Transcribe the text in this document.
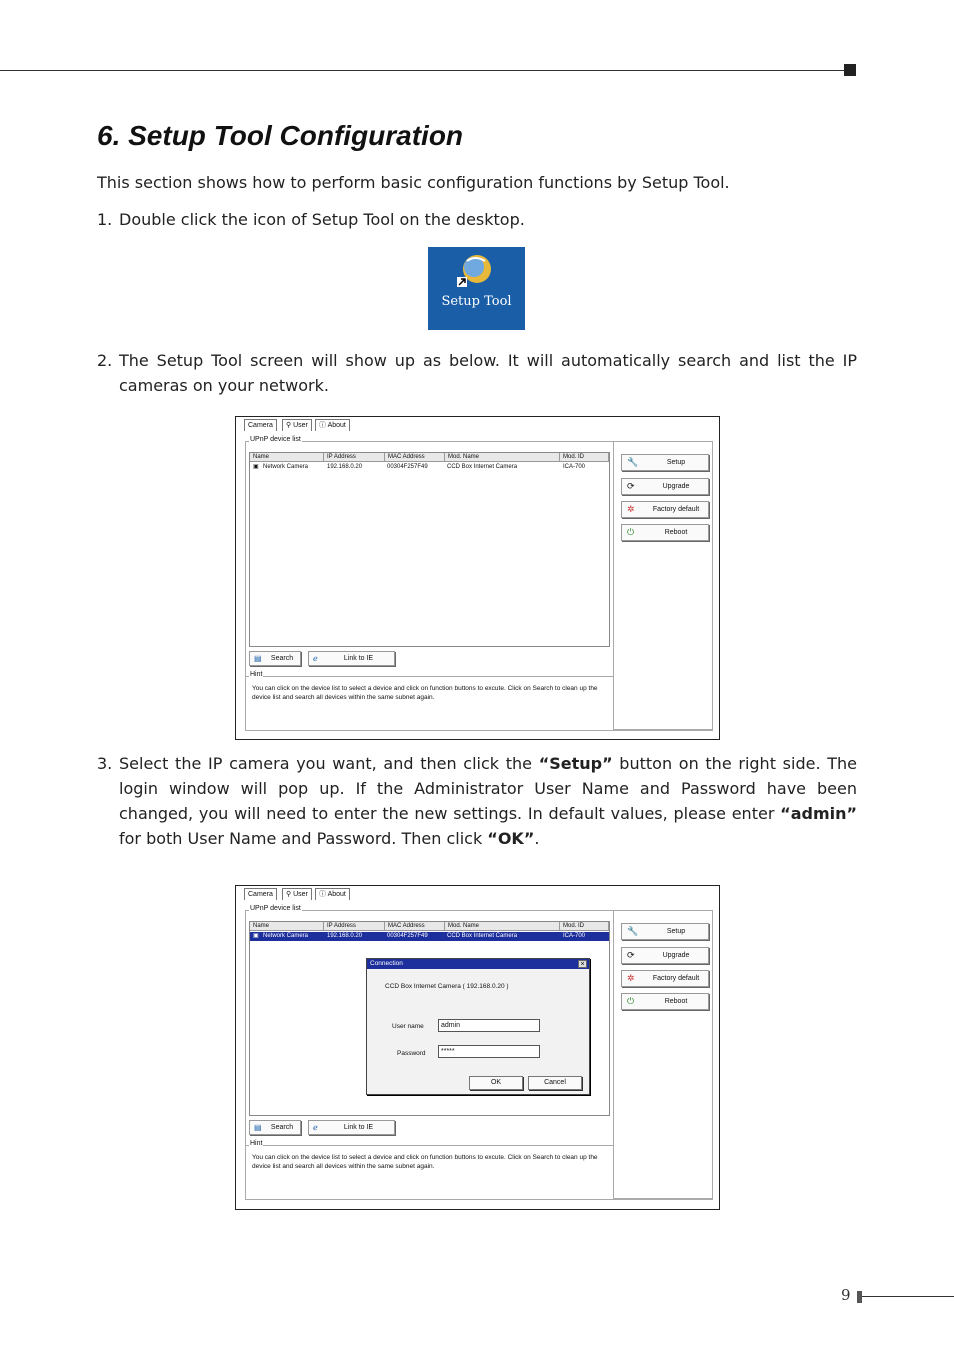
6. Setup Tool Configuration

This section shows how to perform basic configuration functions by Setup Tool.

1. Double click the icon of Setup Tool on the desktop.
Setup Tool
2. The Setup Tool screen will show up as below. It will automatically search and list the IP cameras on your network.
Camera	⚲ User	ⓘ About
UPnP device list
Name	IP Address	MAC Address	Mod. Name	Mod. ID
▣ Network Camera	192.168.0.20	00304F257F49	CCD Box Internet Camera	ICA-700	🔧	Setup
⟳	Upgrade
✲	Factory default
⏻	Reboot
▤	Search	ℯ	Link to IE
Hint
You can click on the device list to select a device and click on function buttons to excute. Click on Search to clean up the device list and search all devices within the same subnet again.
3. Select the IP camera you want, and then click the “Setup” button on the right side. The login window will pop up. If the Administrator User Name and Password have been changed, you will need to enter the new settings. In default values, please enter “admin” for both User Name and Password. Then click “OK”.
Camera	⚲ User	ⓘ About
UPnP device list
Name	IP Address	MAC Address	Mod. Name	Mod. ID
▣ Network Camera	192.168.0.20	00304F257F49	CCD Box Internet Camera	ICA-700	🔧	Setup
⟳	Upgrade
✲	Factory default
⏻	Reboot
▤	Search	ℯ	Link to IE
Hint
You can click on the device list to select a device and click on function buttons to excute. Click on Search to clean up the device list and search all devices within the same subnet again.
Connection	×
CCD Box Internet Camera ( 192.168.0.20 )
User name	admin
Password	*****
OK	Cancel
9
